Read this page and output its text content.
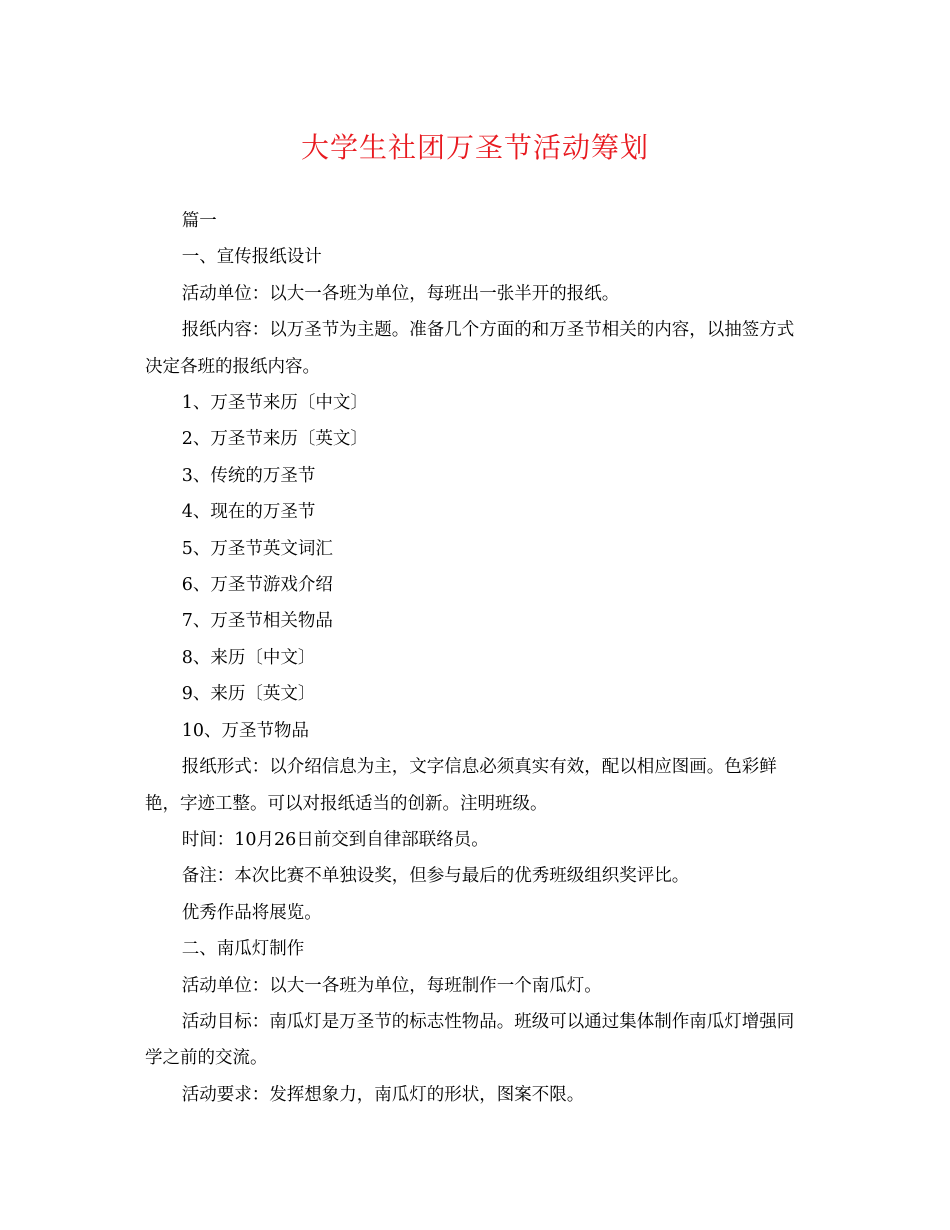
大学生社团万圣节活动筹划

篇一

一、宣传报纸设计

活动单位：以大一各班为单位，每班出一张半开的报纸。

报纸内容：以万圣节为主题。准备几个方面的和万圣节相关的内容，以抽签方式决定各班的报纸内容。

1、万圣节来历〔中文〕

2、万圣节来历〔英文〕

3、传统的万圣节

4、现在的万圣节

5、万圣节英文词汇

6、万圣节游戏介绍

7、万圣节相关物品

8、来历〔中文〕

9、来历〔英文〕

10、万圣节物品

报纸形式：以介绍信息为主，文字信息必须真实有效，配以相应图画。色彩鲜艳，字迹工整。可以对报纸适当的创新。注明班级。

时间：10月26日前交到自律部联络员。

备注：本次比赛不单独设奖，但参与最后的优秀班级组织奖评比。

优秀作品将展览。

二、南瓜灯制作

活动单位：以大一各班为单位，每班制作一个南瓜灯。

活动目标：南瓜灯是万圣节的标志性物品。班级可以通过集体制作南瓜灯增强同学之前的交流。

活动要求：发挥想象力，南瓜灯的形状，图案不限。
